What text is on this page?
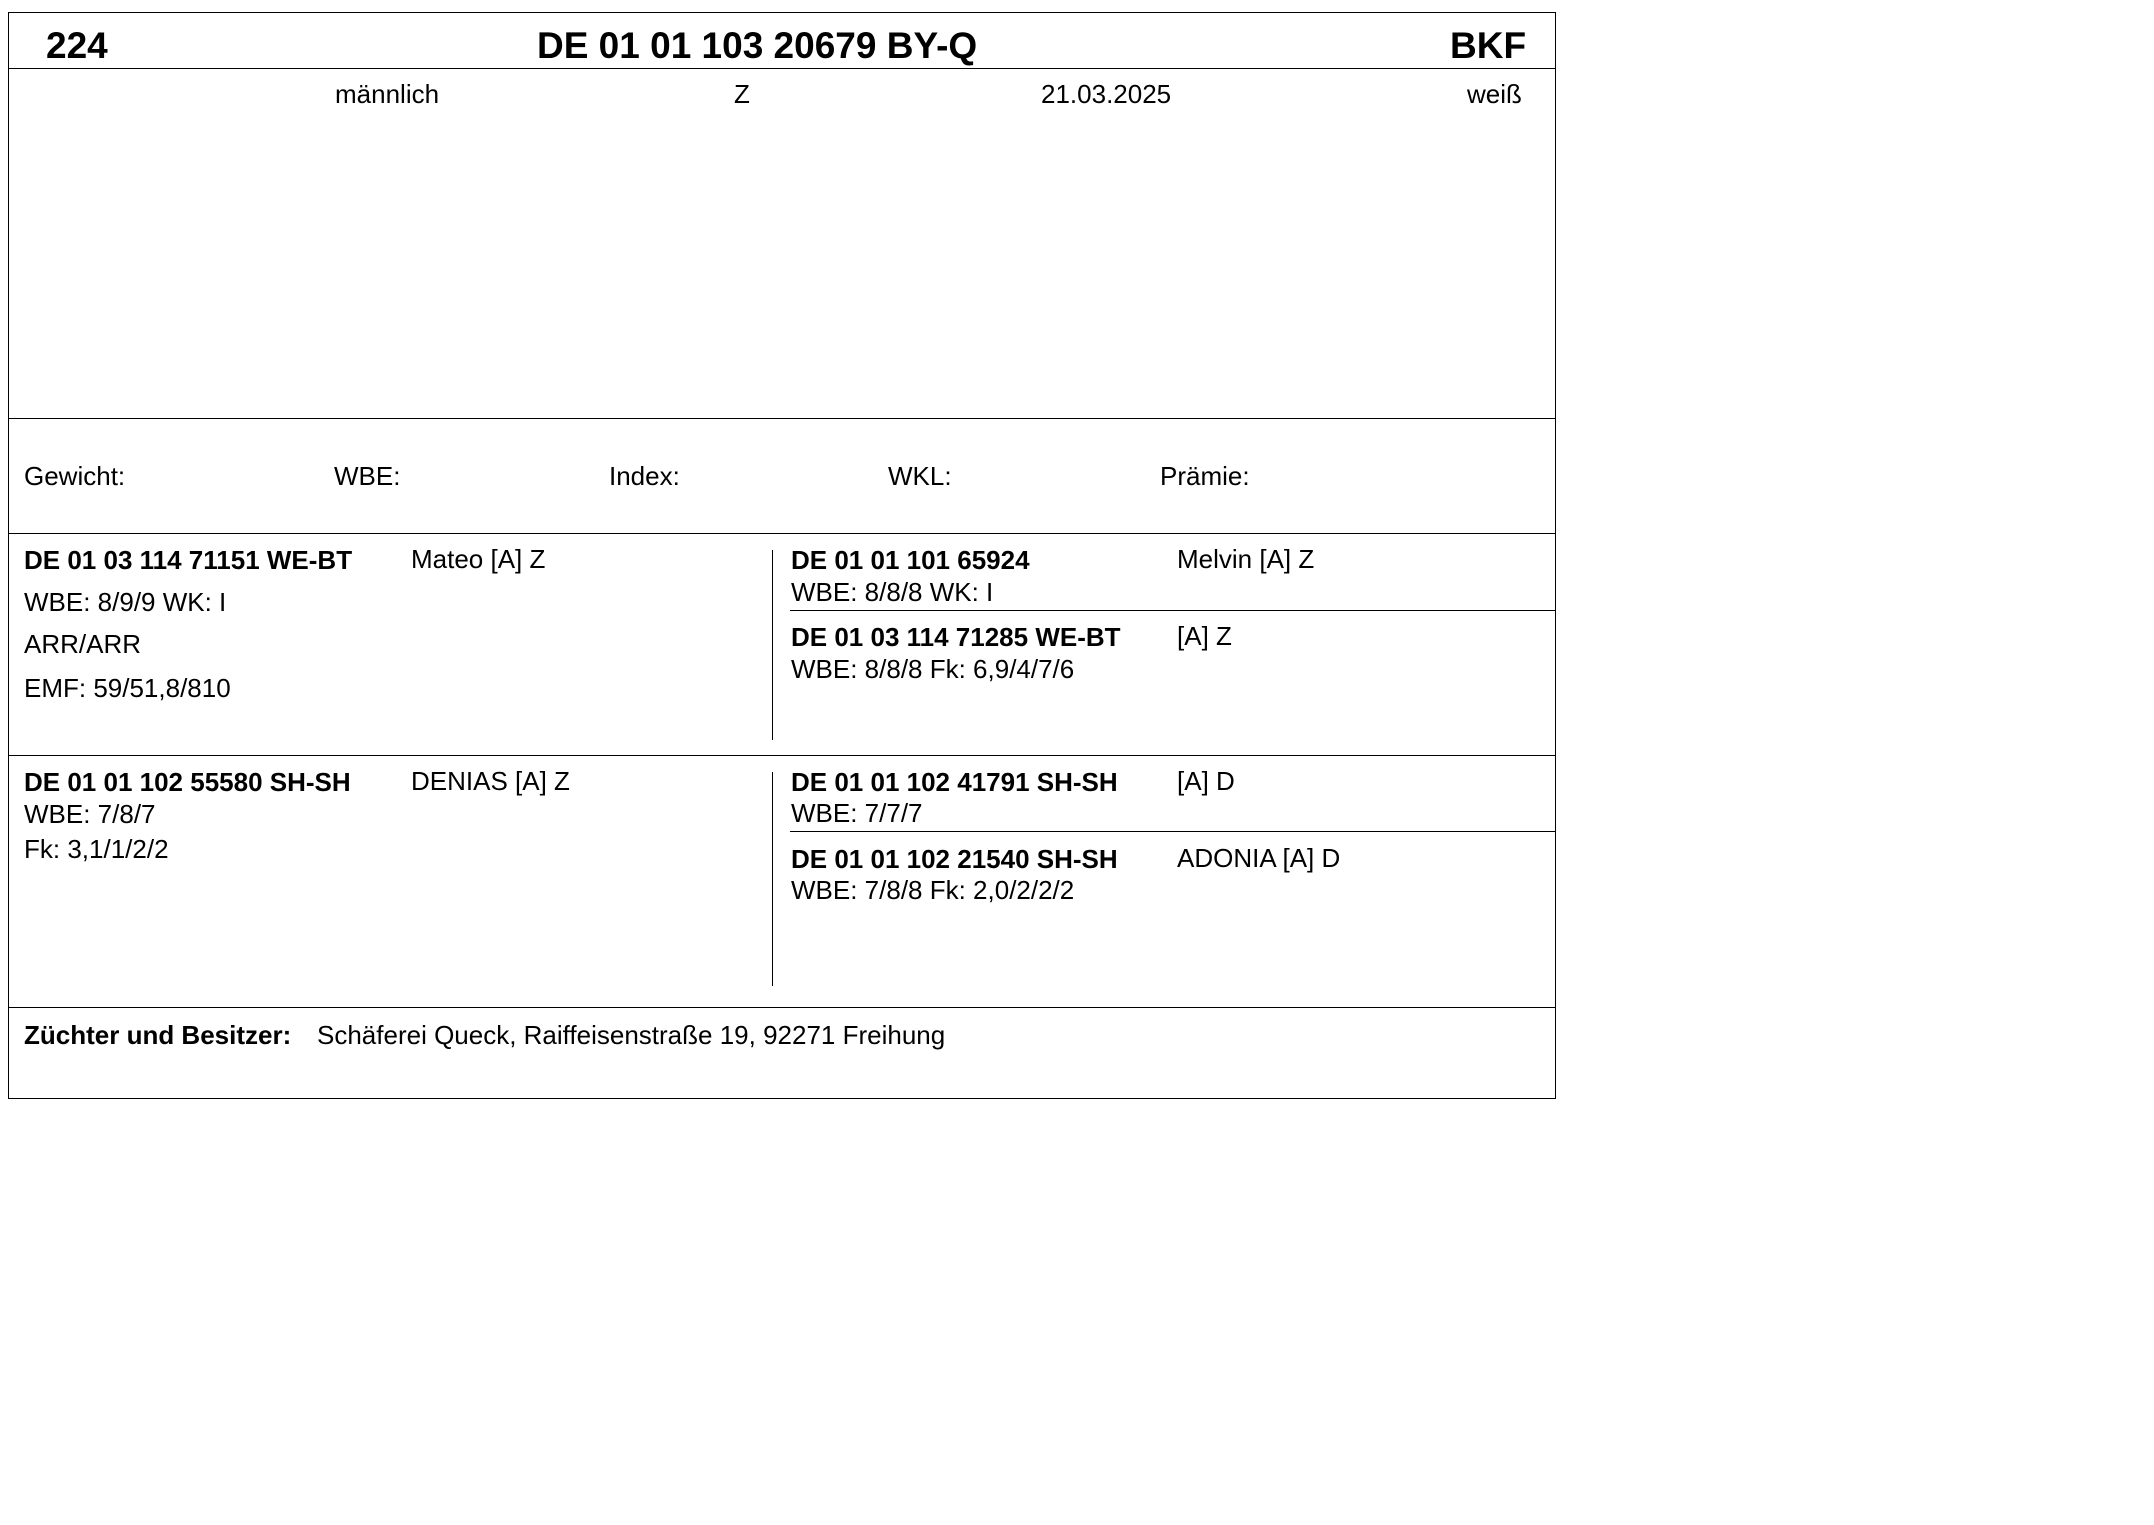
224	DE 01 01 103 20679 BY-Q	BKF
männlich	Z	21.03.2025	weiß
Gewicht:	WBE:	Index:	WKL:	Prämie:
DE 01 03 114 71151 WE-BT Mateo [A] Z
WBE: 8/9/9 WK: I
ARR/ARR
EMF: 59/51,8/810
DE 01 01 101 65924	Melvin [A] Z
WBE: 8/8/8 WK: I
DE 01 03 114 71285 WE-BT [A] Z
WBE: 8/8/8 Fk: 6,9/4/7/6
DE 01 01 102 55580 SH-SH DENIAS [A] Z
WBE: 7/8/7
Fk: 3,1/1/2/2
DE 01 01 102 41791 SH-SH [A] D
WBE: 7/7/7
DE 01 01 102 21540 SH-SH ADONIA [A] D
WBE: 7/8/8 Fk: 2,0/2/2/2
Züchter und Besitzer: Schäferei Queck, Raiffeisenstraße 19, 92271 Freihung
